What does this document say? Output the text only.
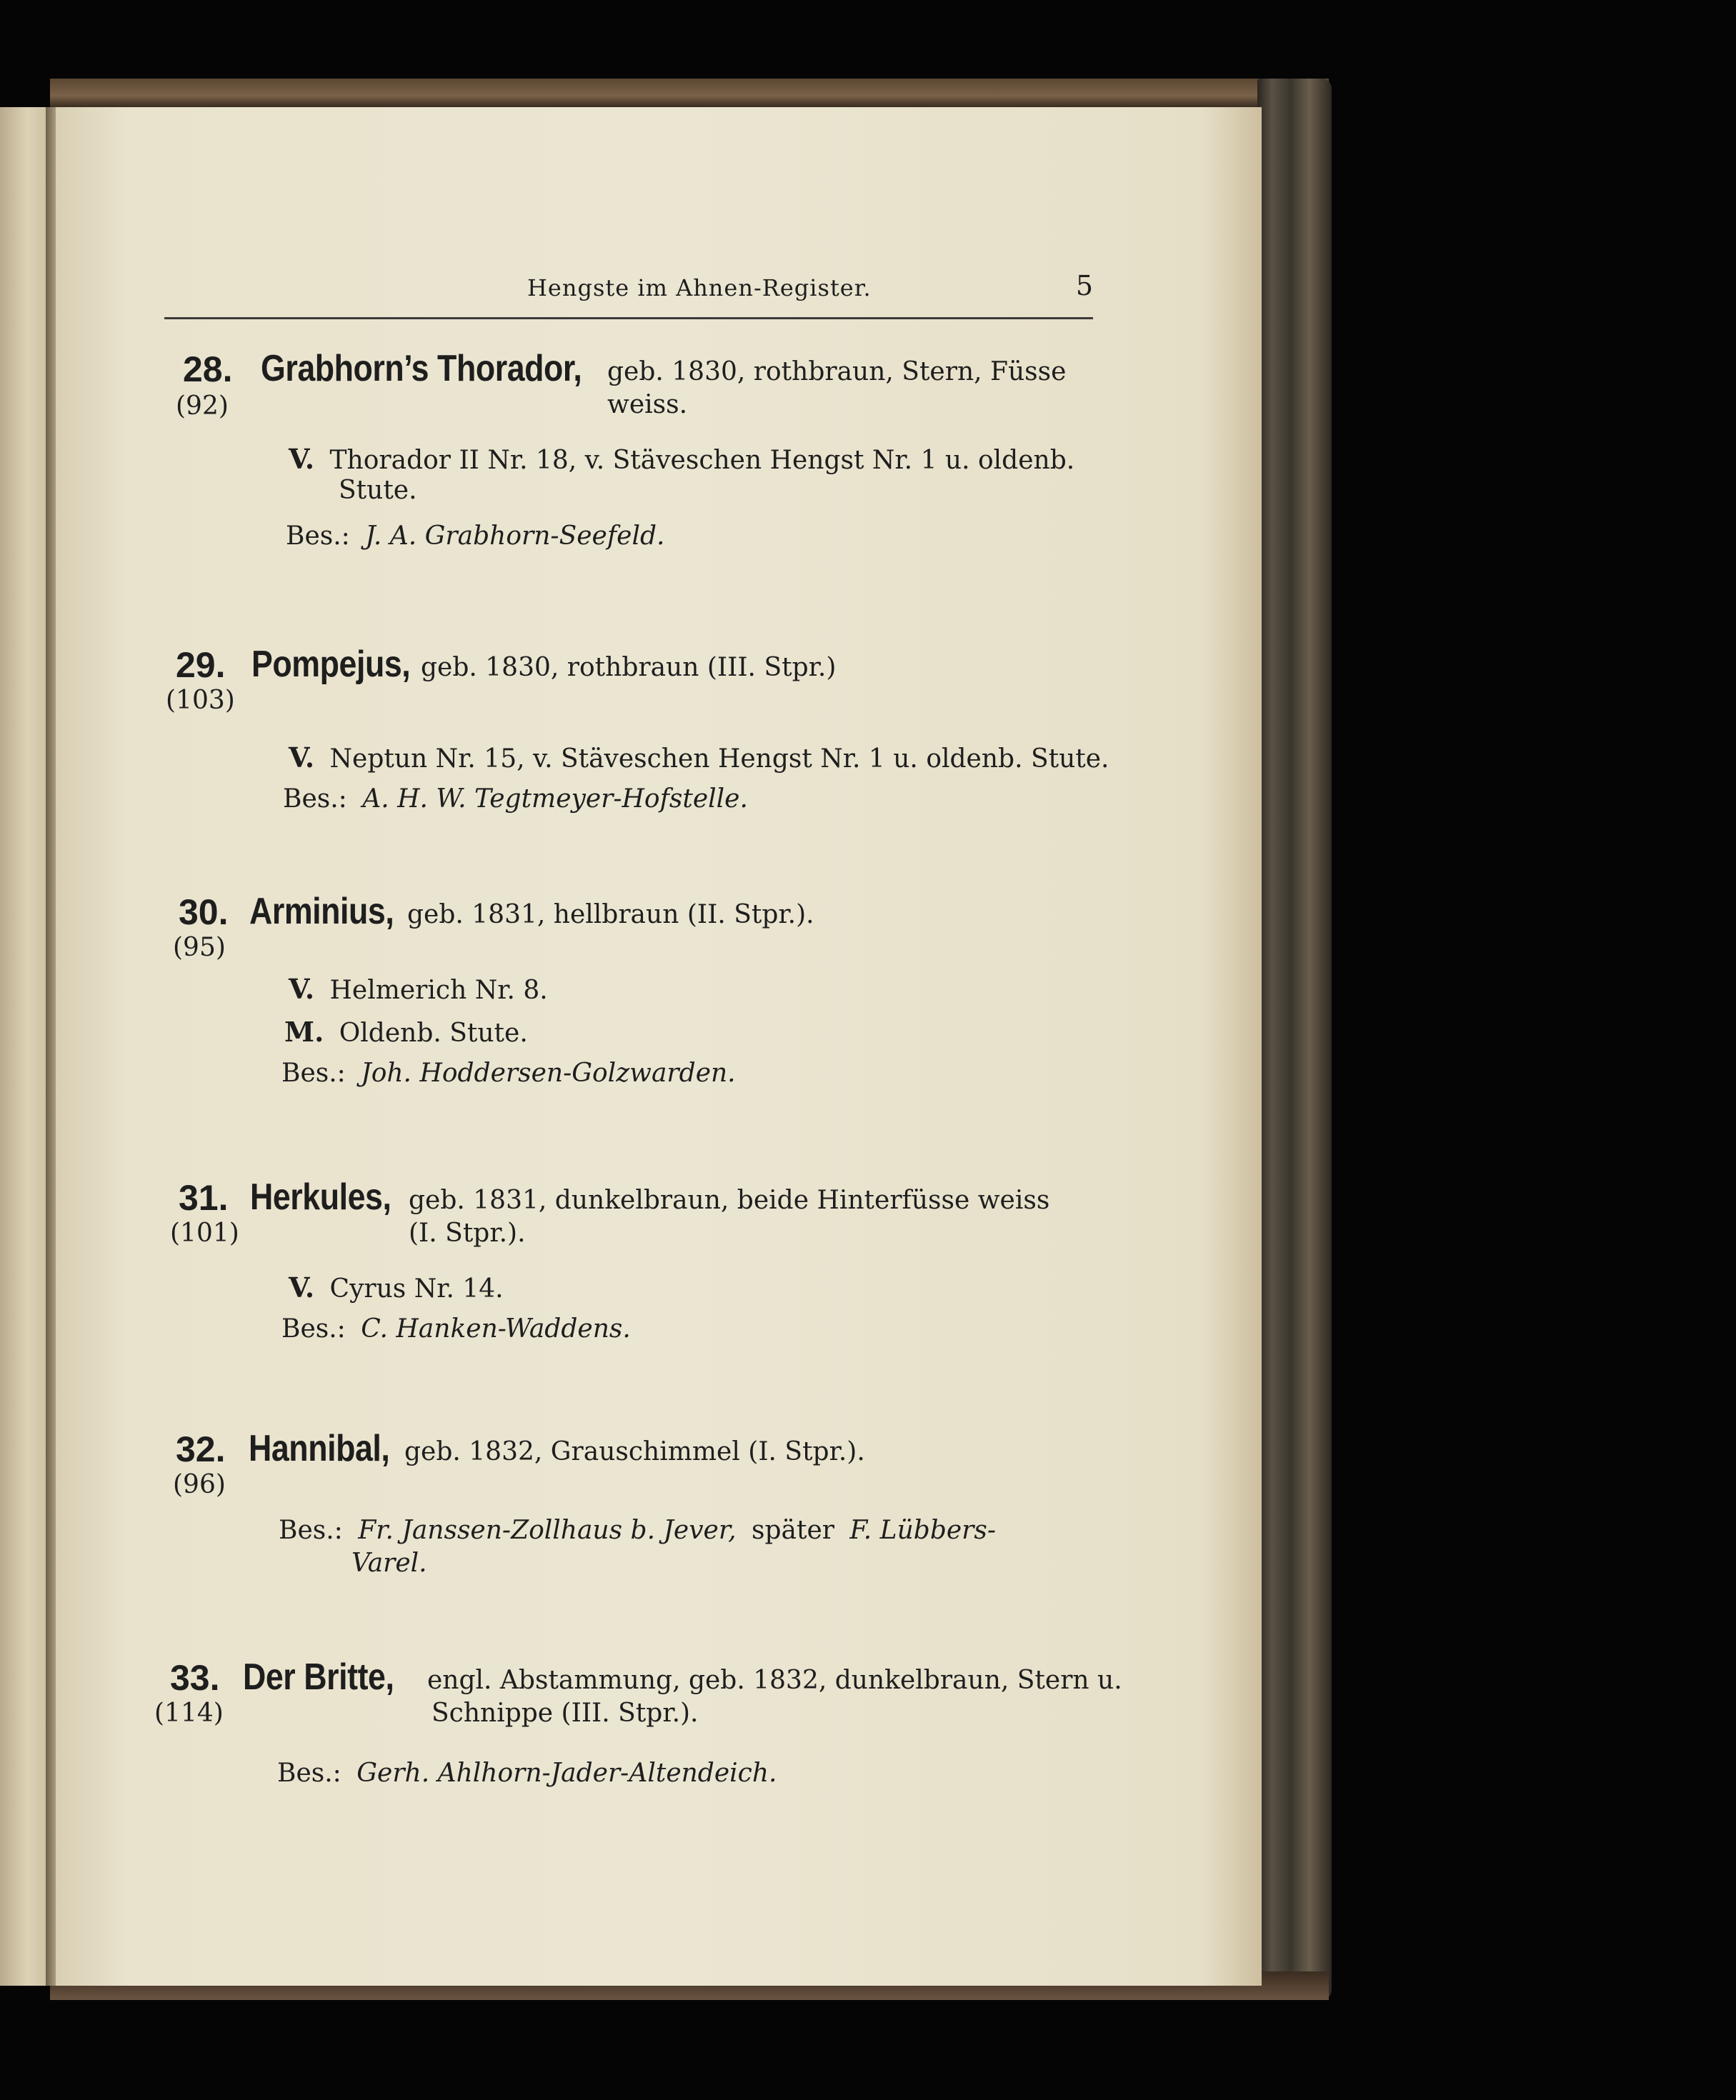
Hengste im Ahnen-Register.	5
28.
(92)
Grabhorn’s Thorador, geb. 1830, rothbraun, Stern, Füsse
weiss.
V. Thorador II Nr. 18, v. Stäveschen Hengst Nr. 1 u. oldenb.
Stute.
Bes.: J. A. Grabhorn-Seefeld.
29.
(103)
Pompejus, geb. 1830, rothbraun (III. Stpr.)
V. Neptun Nr. 15, v. Stäveschen Hengst Nr. 1 u. oldenb. Stute.
Bes.: A. H. W. Tegtmeyer-Hofstelle.
30.
(95)
Arminius, geb. 1831, hellbraun (II. Stpr.).
V. Helmerich Nr. 8.
M. Oldenb. Stute.
Bes.: Joh. Hoddersen-Golzwarden.
31.
(101)
Herkules, geb. 1831, dunkelbraun, beide Hinterfüsse weiss
(I. Stpr.).
V. Cyrus Nr. 14.
Bes.: C. Hanken-Waddens.
32.
(96)
Hannibal, geb. 1832, Grauschimmel (I. Stpr.).
Bes.: Fr. Janssen-Zollhaus b. Jever, später F. Lübbers-
Varel.
33.
(114)
Der Britte, engl. Abstammung, geb. 1832, dunkelbraun, Stern u.
Schnippe (III. Stpr.).
Bes.: Gerh. Ahlhorn-Jader-Altendeich.
